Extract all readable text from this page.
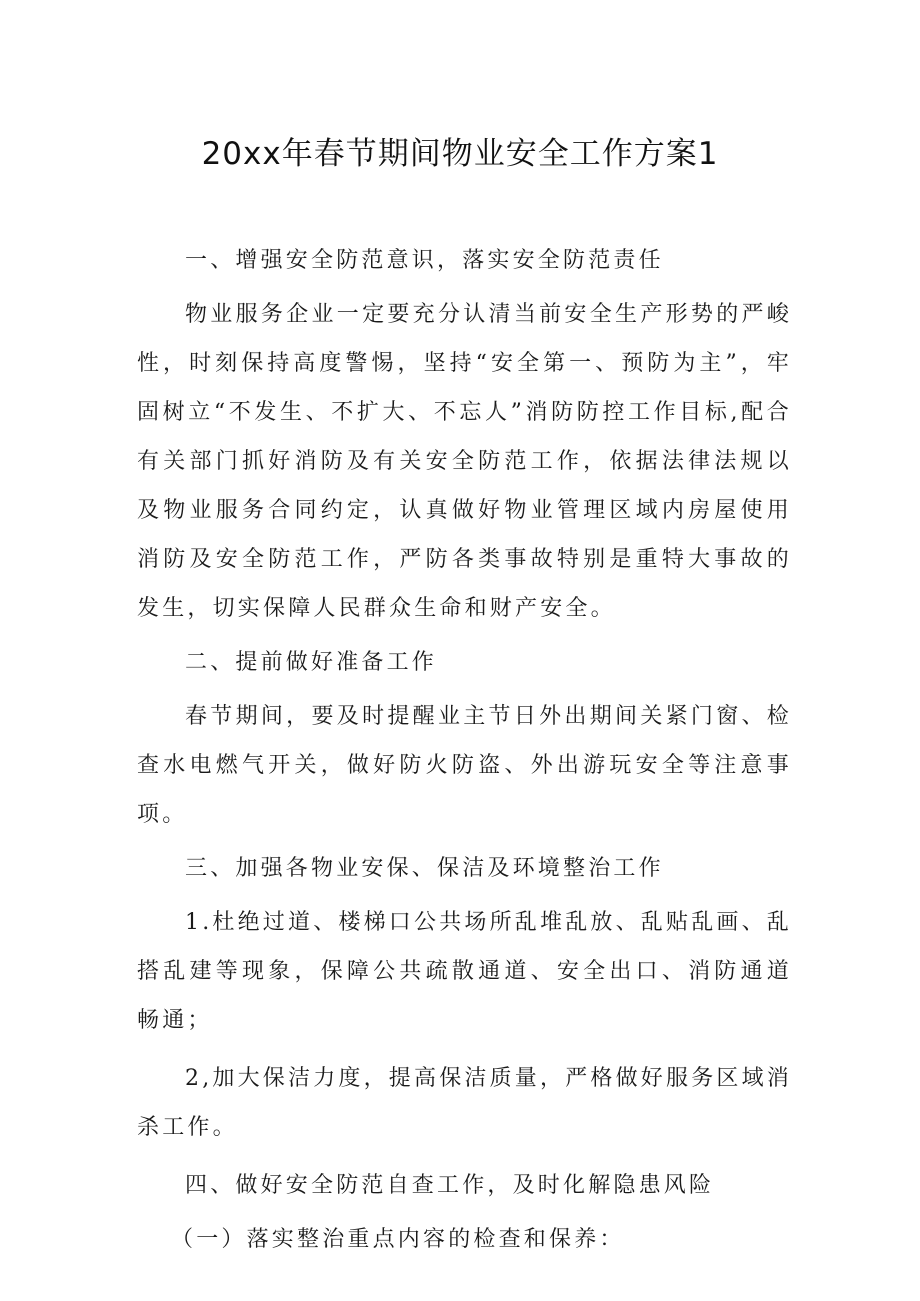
20xx年春节期间物业安全工作方案1

一、增强安全防范意识，落实安全防范责任

物业服务企业一定要充分认清当前安全生产形势的严峻性，时刻保持高度警惕，坚持“安全第一、预防为主”，牢固树立“不发生、不扩大、不忘人”消防防控工作目标,配合有关部门抓好消防及有关安全防范工作，依据法律法规以及物业服务合同约定，认真做好物业管理区域内房屋使用消防及安全防范工作，严防各类事故特别是重特大事故的发生，切实保障人民群众生命和财产安全。

二、提前做好准备工作

春节期间，要及时提醒业主节日外出期间关紧门窗、检查水电燃气开关，做好防火防盗、外出游玩安全等注意事项。

三、加强各物业安保、保洁及环境整治工作

1.杜绝过道、楼梯口公共场所乱堆乱放、乱贴乱画、乱搭乱建等现象，保障公共疏散通道、安全出口、消防通道畅通；

2,加大保洁力度，提高保洁质量，严格做好服务区域消杀工作。

四、做好安全防范自查工作，及时化解隐患风险

（一）落实整治重点内容的检查和保养：
